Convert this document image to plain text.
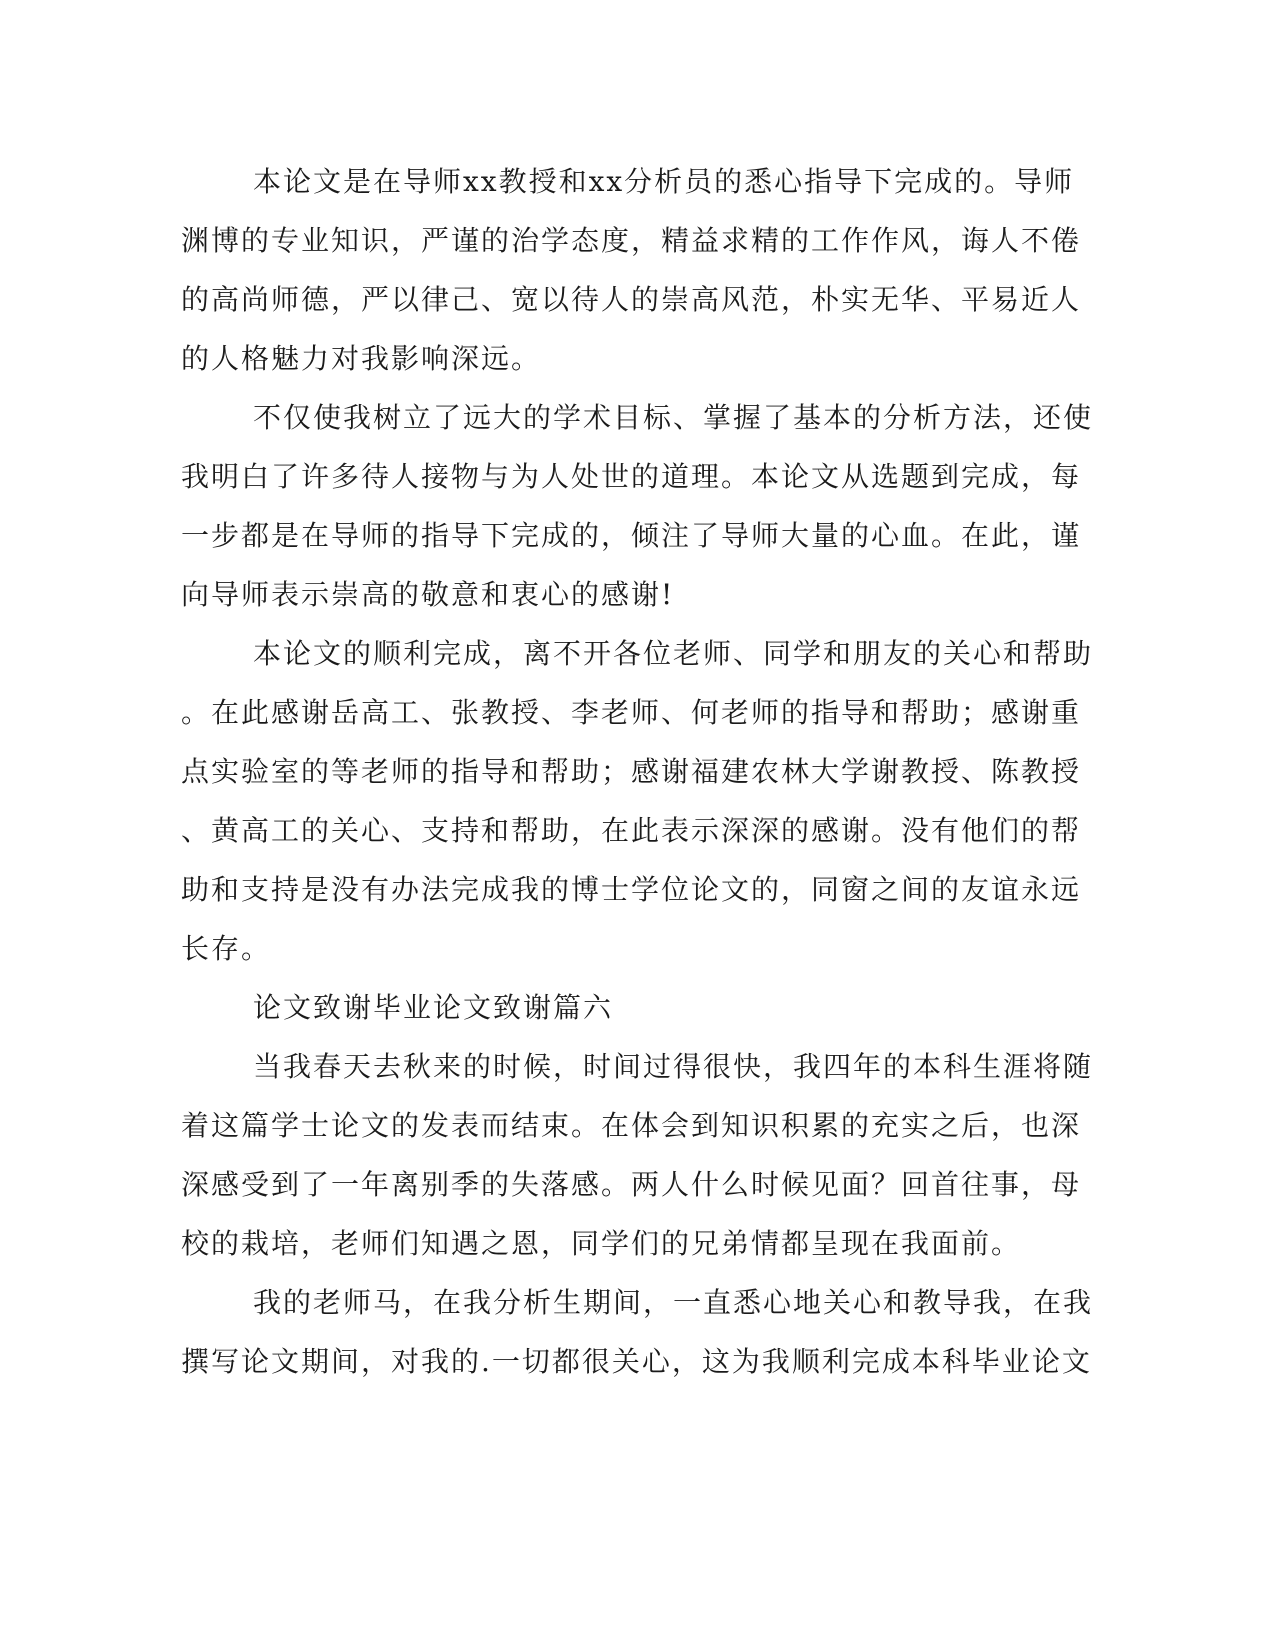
本论文是在导师xx教授和xx分析员的悉心指导下完成的。导师
渊博的专业知识，严谨的治学态度，精益求精的工作作风，诲人不倦
的高尚师德，严以律己、宽以待人的崇高风范，朴实无华、平易近人
的人格魅力对我影响深远。
不仅使我树立了远大的学术目标、掌握了基本的分析方法，还使
我明白了许多待人接物与为人处世的道理。本论文从选题到完成，每
一步都是在导师的指导下完成的，倾注了导师大量的心血。在此，谨
向导师表示崇高的敬意和衷心的感谢!
本论文的顺利完成，离不开各位老师、同学和朋友的关心和帮助
。在此感谢岳高工、张教授、李老师、何老师的指导和帮助；感谢重
点实验室的等老师的指导和帮助；感谢福建农林大学谢教授、陈教授
、黄高工的关心、支持和帮助，在此表示深深的感谢。没有他们的帮
助和支持是没有办法完成我的博士学位论文的，同窗之间的友谊永远
长存。
论文致谢毕业论文致谢篇六
当我春天去秋来的时候，时间过得很快，我四年的本科生涯将随
着这篇学士论文的发表而结束。在体会到知识积累的充实之后，也深
深感受到了一年离别季的失落感。两人什么时候见面？回首往事，母
校的栽培，老师们知遇之恩，同学们的兄弟情都呈现在我面前。
我的老师马，在我分析生期间，一直悉心地关心和教导我，在我
撰写论文期间，对我的.一切都很关心，这为我顺利完成本科毕业论文
